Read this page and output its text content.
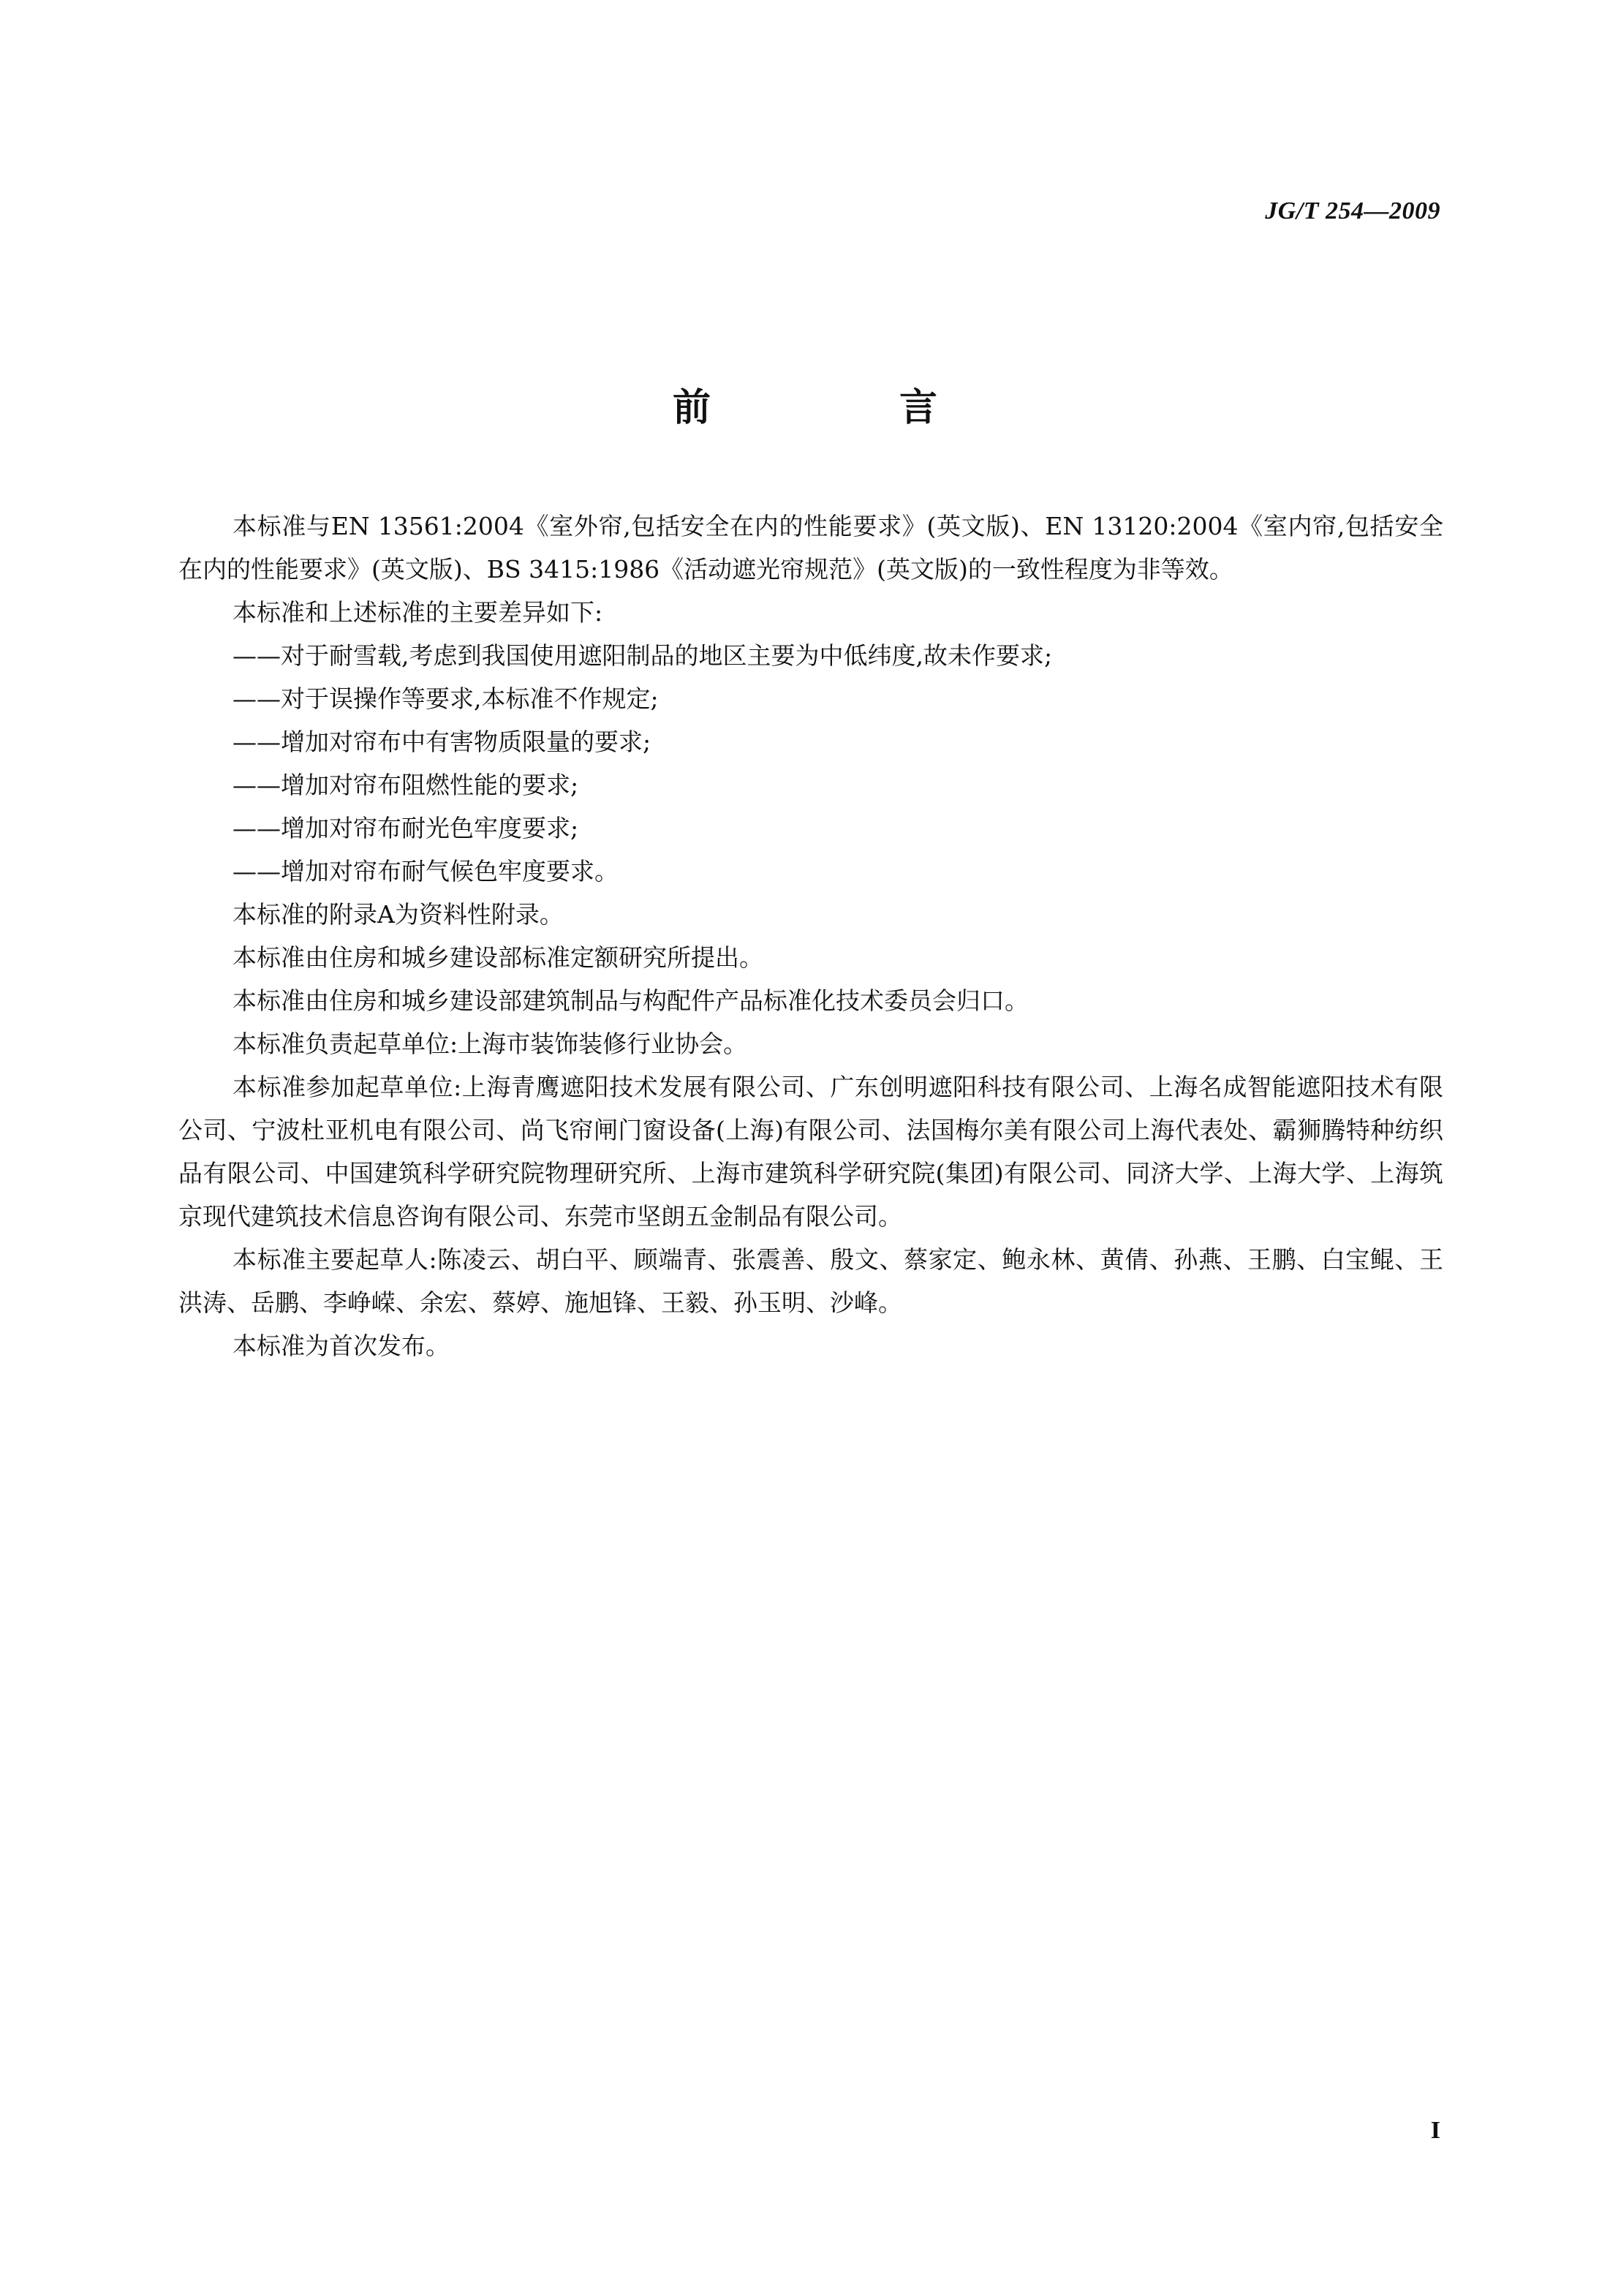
JG/T 254—2009
前 言

本标准与EN 13561:2004《室外帘,包括安全在内的性能要求》(英文版)、EN 13120:2004《室内帘,包括安全在内的性能要求》(英文版)、BS 3415:1986《活动遮光帘规范》(英文版)的一致性程度为非等效。

本标准和上述标准的主要差异如下:

——对于耐雪载,考虑到我国使用遮阳制品的地区主要为中低纬度,故未作要求;

——对于误操作等要求,本标准不作规定;

——增加对帘布中有害物质限量的要求;

——增加对帘布阻燃性能的要求;

——增加对帘布耐光色牢度要求;

——增加对帘布耐气候色牢度要求。

本标准的附录A为资料性附录。

本标准由住房和城乡建设部标准定额研究所提出。

本标准由住房和城乡建设部建筑制品与构配件产品标准化技术委员会归口。

本标准负责起草单位:上海市装饰装修行业协会。

本标准参加起草单位:上海青鹰遮阳技术发展有限公司、广东创明遮阳科技有限公司、上海名成智能遮阳技术有限公司、宁波杜亚机电有限公司、尚飞帘闸门窗设备(上海)有限公司、法国梅尔美有限公司上海代表处、霸狮腾特种纺织品有限公司、中国建筑科学研究院物理研究所、上海市建筑科学研究院(集团)有限公司、同济大学、上海大学、上海筑京现代建筑技术信息咨询有限公司、东莞市坚朗五金制品有限公司。

本标准主要起草人:陈凌云、胡白平、顾端青、张震善、殷文、蔡家定、鲍永林、黄倩、孙燕、王鹏、白宝鲲、王洪涛、岳鹏、李峥嵘、余宏、蔡婷、施旭锋、王毅、孙玉明、沙峰。

本标准为首次发布。

I
